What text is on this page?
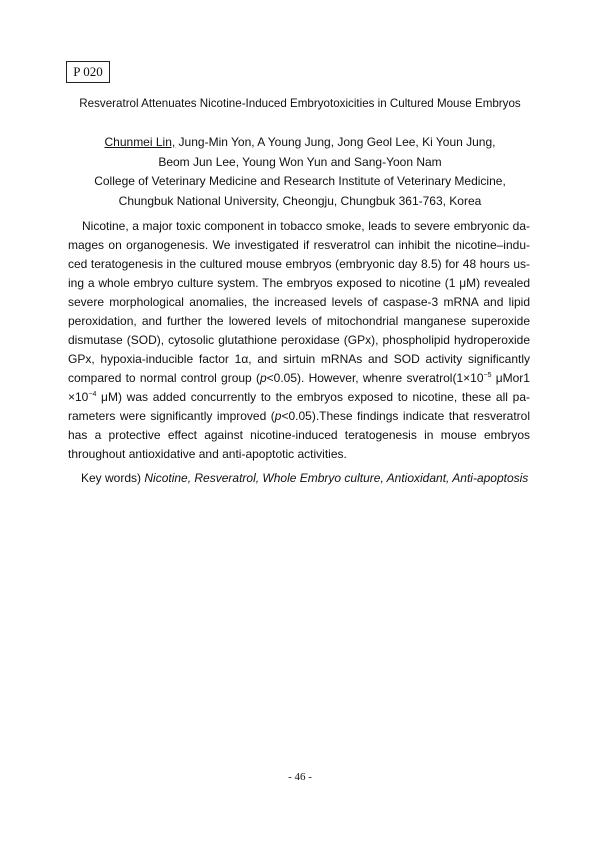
P 020
Resveratrol Attenuates Nicotine-Induced Embryotoxicities in Cultured Mouse Embryos
Chunmei Lin, Jung-Min Yon, A Young Jung, Jong Geol Lee, Ki Youn Jung,
Beom Jun Lee, Young Won Yun and Sang-Yoon Nam
College of Veterinary Medicine and Research Institute of Veterinary Medicine,
Chungbuk National University, Cheongju, Chungbuk 361-763, Korea
Nicotine, a major toxic component in tobacco smoke, leads to severe embryonic da-
mages on organogenesis. We investigated if resveratrol can inhibit the nicotine–indu-
ced teratogenesis in the cultured mouse embryos (embryonic day 8.5) for 48 hours us-
ing a whole embryo culture system. The embryos exposed to nicotine (1 μM) revealed
severe morphological anomalies, the increased levels of caspase-3 mRNA and lipid
peroxidation, and further the lowered levels of mitochondrial manganese superoxide
dismutase (SOD), cytosolic glutathione peroxidase (GPx), phospholipid hydroperoxide
GPx, hypoxia-inducible factor 1α, and sirtuin mRNAs and SOD activity significantly
compared to normal control group (p<0.05). However, whenre $sveratrol(1\times 10^{-5}$ μMor1
$\times 10^{-4}$ μM) was added concurrently to the embryos exposed to nicotine, these all pa-
rameters were significantly improved (p<0.05).These findings indicate that resveratrol
has a protective effect against nicotine-induced teratogenesis in mouse embryos
throughout antioxidative and anti-apoptotic activities.
Key words) Nicotine, Resveratrol, Whole Embryo culture, Antioxidant, Anti-apoptosis
- 46 -
